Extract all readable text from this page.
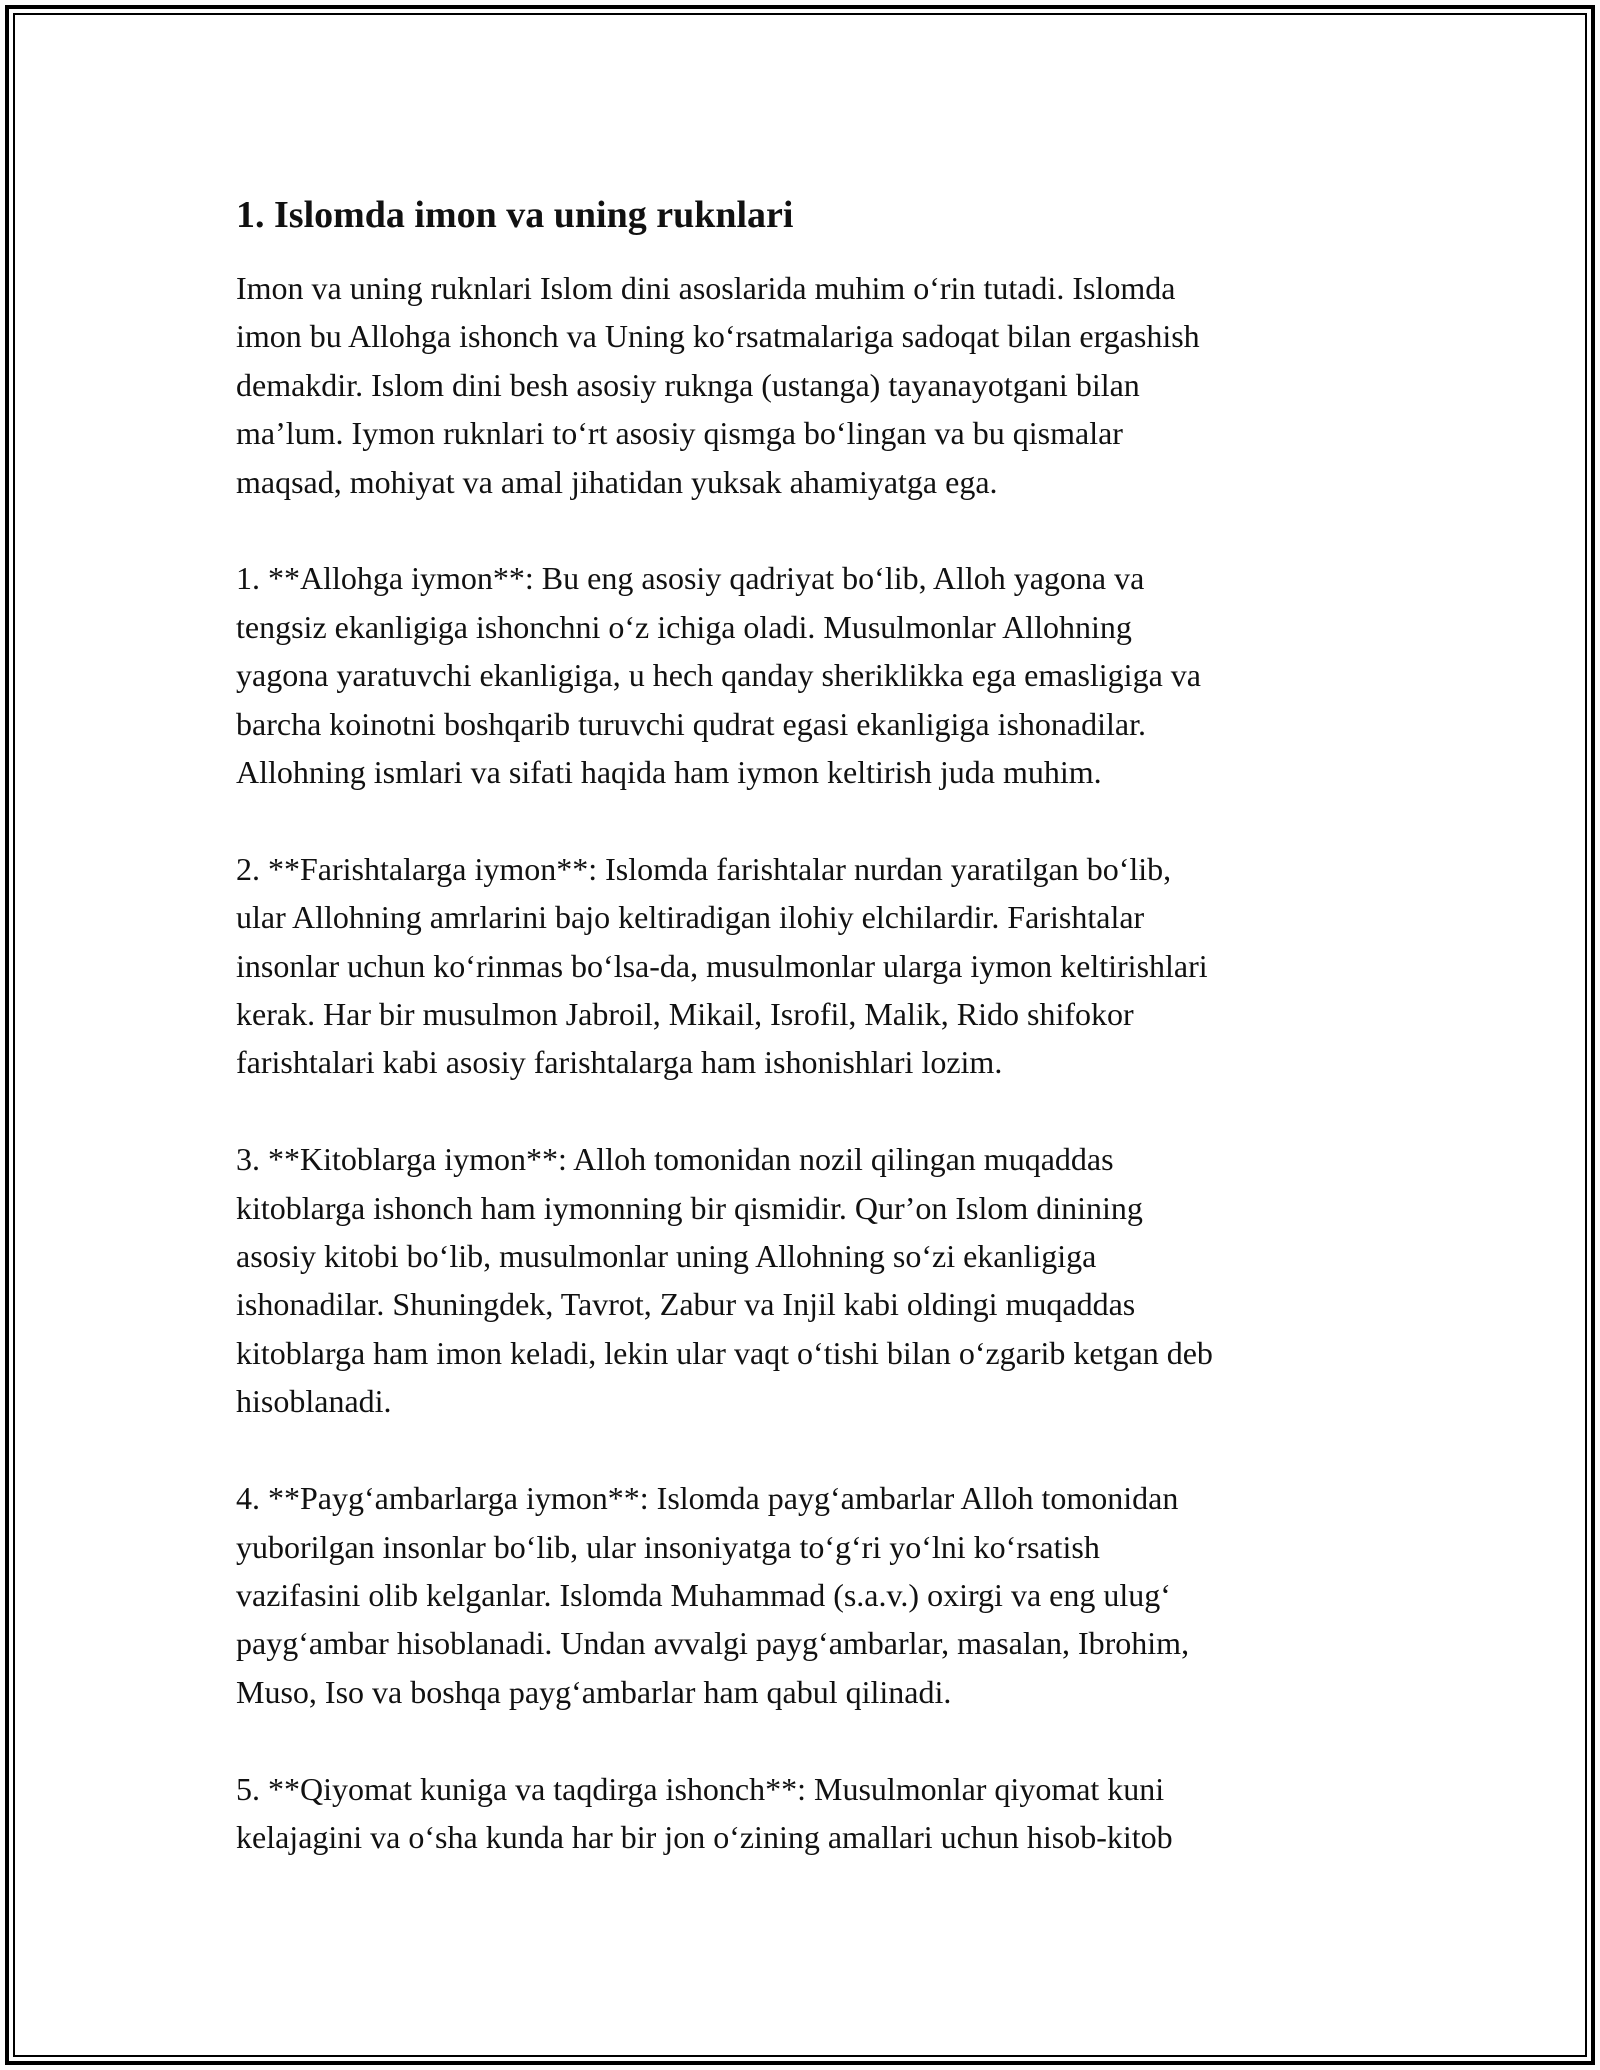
1. Islomda imon va uning ruknlari

Imon va uning ruknlari Islom dini asoslarida muhim oʻrin tutadi. Islomda
imon bu Allohga ishonch va Uning koʻrsatmalariga sadoqat bilan ergashish
demakdir. Islom dini besh asosiy ruknga (ustanga) tayanayotgani bilan
maʼlum. Iymon ruknlari toʻrt asosiy qismga boʻlingan va bu qismalar
maqsad, mohiyat va amal jihatidan yuksak ahamiyatga ega.

1. **Allohga iymon**: Bu eng asosiy qadriyat boʻlib, Alloh yagona va
tengsiz ekanligiga ishonchni oʻz ichiga oladi. Musulmonlar Allohning
yagona yaratuvchi ekanligiga, u hech qanday sheriklikka ega emasligiga va
barcha koinotni boshqarib turuvchi qudrat egasi ekanligiga ishonadilar.
Allohning ismlari va sifati haqida ham iymon keltirish juda muhim.

2. **Farishtalarga iymon**: Islomda farishtalar nurdan yaratilgan boʻlib,
ular Allohning amrlarini bajo keltiradigan ilohiy elchilardir. Farishtalar
insonlar uchun koʻrinmas boʻlsa-da, musulmonlar ularga iymon keltirishlari
kerak. Har bir musulmon Jabroil, Mikail, Isrofil, Malik, Rido shifokor
farishtalari kabi asosiy farishtalarga ham ishonishlari lozim.

3. **Kitoblarga iymon**: Alloh tomonidan nozil qilingan muqaddas
kitoblarga ishonch ham iymonning bir qismidir. Qurʼon Islom dinining
asosiy kitobi boʻlib, musulmonlar uning Allohning soʻzi ekanligiga
ishonadilar. Shuningdek, Tavrot, Zabur va Injil kabi oldingi muqaddas
kitoblarga ham imon keladi, lekin ular vaqt oʻtishi bilan oʻzgarib ketgan deb
hisoblanadi.

4. **Paygʻambarlarga iymon**: Islomda paygʻambarlar Alloh tomonidan
yuborilgan insonlar boʻlib, ular insoniyatga toʻgʻri yoʻlni koʻrsatish
vazifasini olib kelganlar. Islomda Muhammad (s.a.v.) oxirgi va eng ulugʻ
paygʻambar hisoblanadi. Undan avvalgi paygʻambarlar, masalan, Ibrohim,
Muso, Iso va boshqa paygʻambarlar ham qabul qilinadi.

5. **Qiyomat kuniga va taqdirga ishonch**: Musulmonlar qiyomat kuni
kelajagini va oʻsha kunda har bir jon oʻzining amallari uchun hisob-kitob
